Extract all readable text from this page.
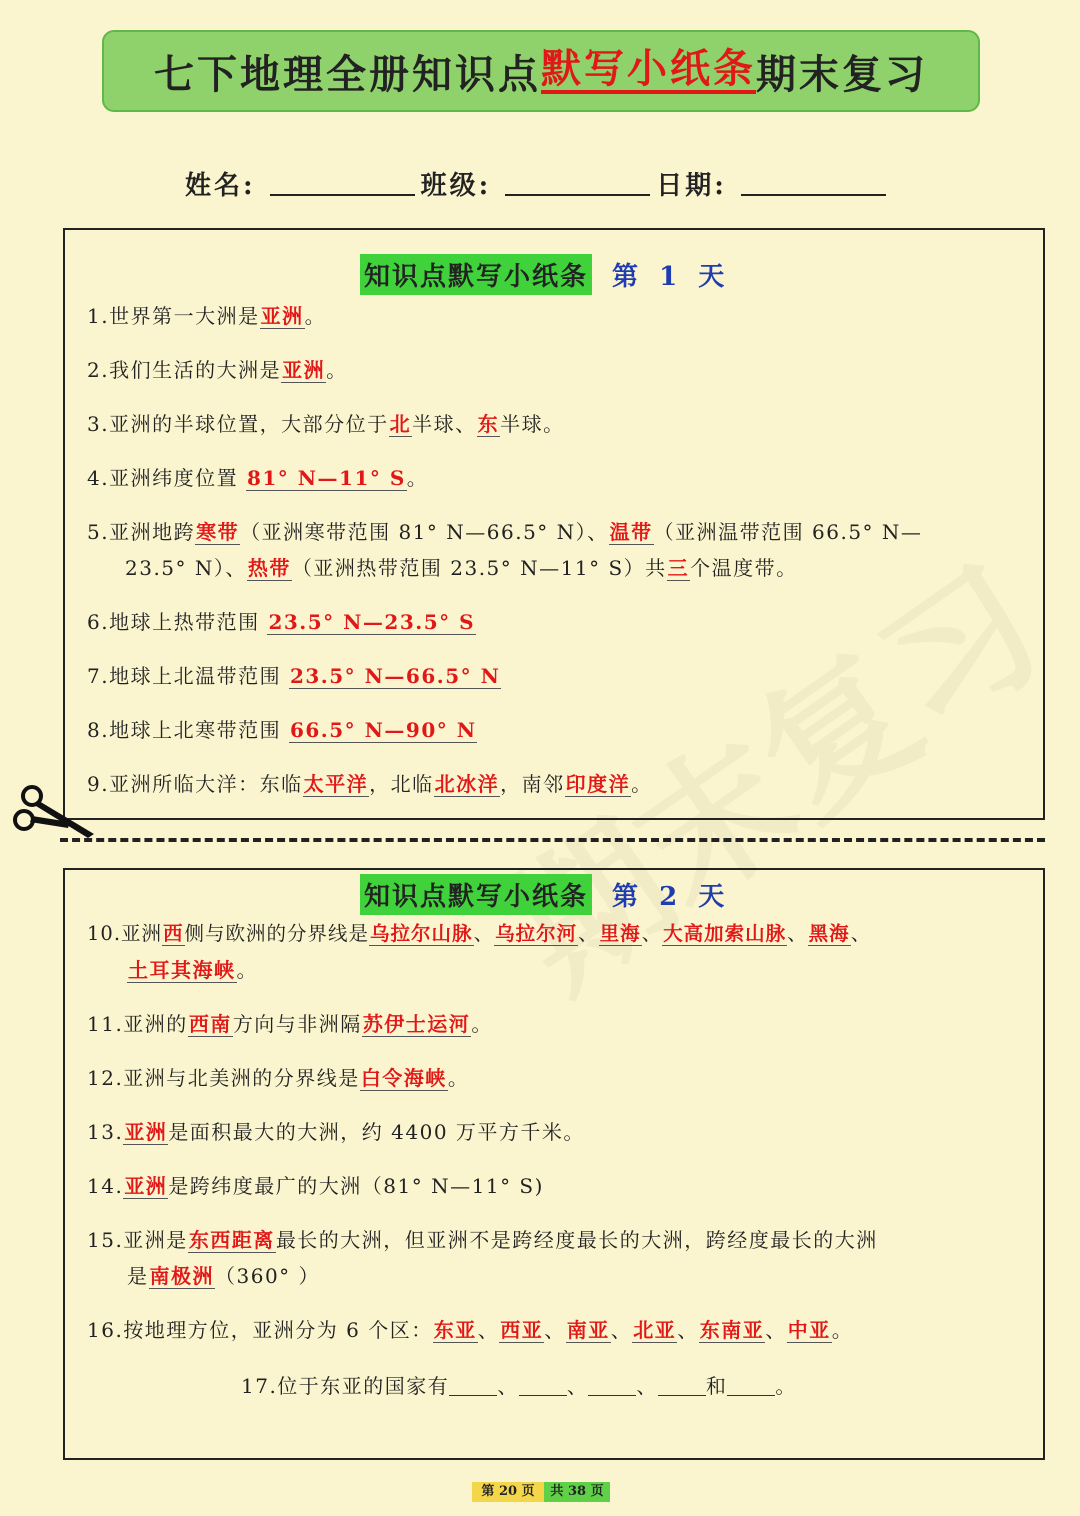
七下地理全册知识点 默写小纸条 期末复习
姓名:	班级:	日期:
知识点默写小纸条 第 1 天
1.世界第一大洲是亚洲。
2.我们生活的大洲是亚洲。
3.亚洲的半球位置，大部分位于北半球、东半球。
4.亚洲纬度位置 81° N—11° S。
5.亚洲地跨寒带（亚洲寒带范围 81° N—66.5° N）、温带（亚洲温带范围 66.5° N—
23.5° N）、热带（亚洲热带范围 23.5° N—11° S）共三个温度带。
6.地球上热带范围 23.5° N—23.5° S
7.地球上北温带范围 23.5° N—66.5° N
8.地球上北寒带范围 66.5° N—90° N
9.亚洲所临大洋：东临太平洋，北临北冰洋，南邻印度洋。
知识点默写小纸条 第 2 天
10.亚洲西侧与欧洲的分界线是乌拉尔山脉、乌拉尔河、里海、大高加索山脉、黑海、
土耳其海峡。
11.亚洲的西南方向与非洲隔苏伊士运河。
12.亚洲与北美洲的分界线是白令海峡。
13.亚洲是面积最大的大洲，约 4400 万平方千米。
14.亚洲是跨纬度最广的大洲（81° N—11° S)
15.亚洲是东西距离最长的大洲，但亚洲不是跨经度最长的大洲，跨经度最长的大洲
是南极洲（360° ）
16.按地理方位，亚洲分为 6 个区：东亚、西亚、南亚、北亚、东南亚、中亚。
17.位于东亚的国家有 、 、 、 和 。
第 20 页	共 38 页
